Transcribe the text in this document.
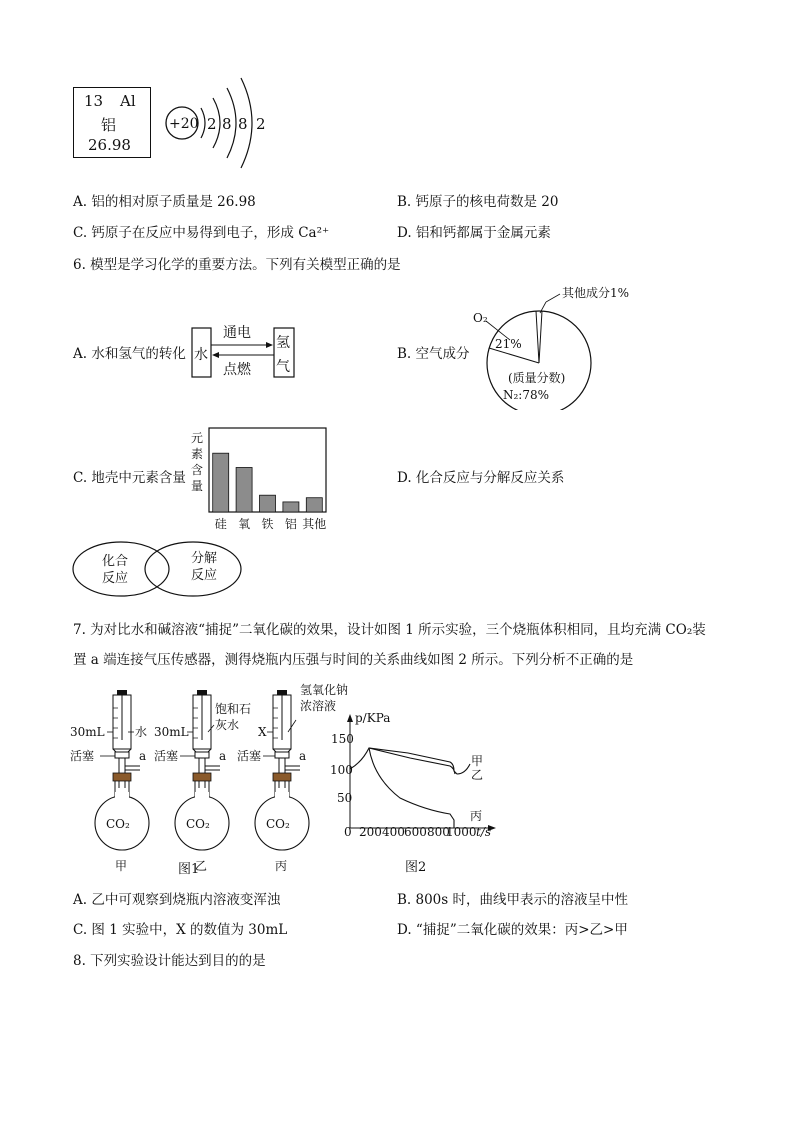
13 Al
铝
26.98
+20 2 8 8 2
A. 铝的相对原子质量是 26.98	B. 钙原子的核电荷数是 20
C. 钙原子在反应中易得到电子，形成 Ca²⁺	D. 铝和钙都属于金属元素
6. 模型是学习化学的重要方法。下列有关模型正确的是
A. 水和氢气的转化 水
氢
气
通电
点燃
B. 空气成分
其他成分1%
O₂
21%
(质量分数)
N₂:78%
C. 地壳中元素含量
元
素
含
量
硅 氧 铁 铝 其他
D. 化合反应与分解反应关系
化合
反应
分解
反应
7. 为对比水和碱溶液“捕捉”二氧化碳的效果，设计如图 1 所示实验，三个烧瓶体积相同，且均充满 CO₂装
置 a 端连接气压传感器，测得烧瓶内压强与时间的关系曲线如图 2 所示。下列分析不正确的是
30mL	水
活塞	a
CO₂
甲
30mL
饱和石
灰水
活塞	a
CO₂
乙
X
氢氧化钠
浓溶液
活塞	a
CO₂
丙
图1
p/KPa
150
100
50
0 200 400 600 800
1000 t/s
甲
乙
丙
图2
A. 乙中可观察到烧瓶内溶液变浑浊	B. 800s 时，曲线甲表示的溶液呈中性
C. 图 1 实验中，X 的数值为 30mL	D. “捕捉”二氧化碳的效果：丙>乙>甲
8. 下列实验设计能达到目的的是
